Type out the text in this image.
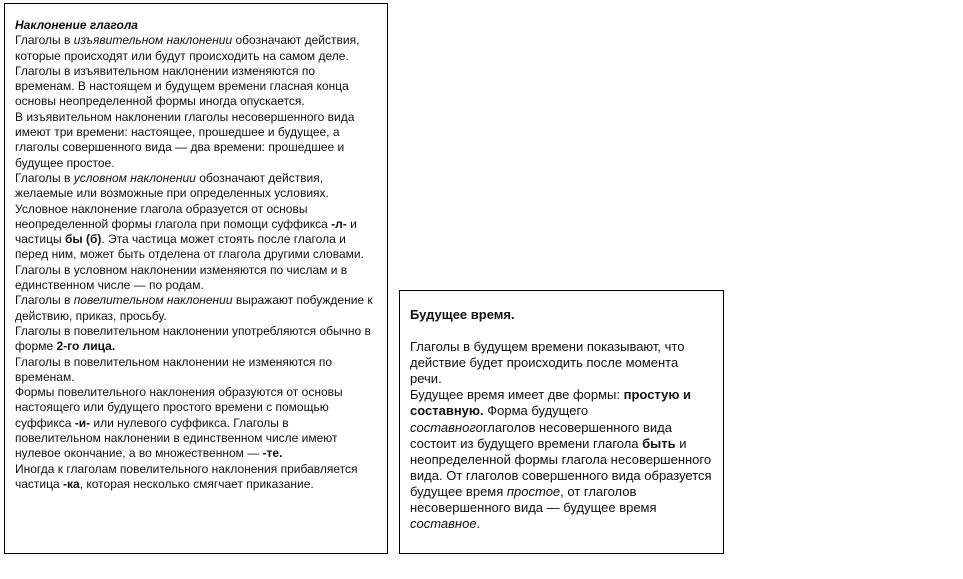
Наклонение глагола

Глаголы в изъявительном наклонении обозначают действия, которые происходят или будут происходить на самом деле.

Глаголы в изъявительном наклонении изменяются по временам. В настоящем и будущем времени гласная конца основы неопределенной формы иногда опускается.

В изъявительном наклонении глаголы несовершенного вида имеют три времени: настоящее, прошедшее и будущее, а глаголы совершенного вида — два времени: прошедшее и будущее простое.

Глаголы в условном наклонении обозначают действия, желаемые или возможные при определенных условиях.

Условное наклонение глагола образуется от основы неопределенной формы глагола при помощи суффикса -л- и частицы бы (б). Эта частица может стоять после глагола и перед ним, может быть отделена от глагола другими словами.

Глаголы в условном наклонении изменяются по числам и в единственном числе — по родам.

Глаголы в повелительном наклонении выражают побуждение к действию, приказ, просьбу.

Глаголы в повелительном наклонении употребляются обычно в форме 2-го лица.

Глаголы в повелительном наклонении не изменяются по временам.

Формы повелительного наклонения образуются от основы настоящего или будущего простого времени с помощью суффикса -и- или нулевого суффикса. Глаголы в повелительном наклонении в единственном числе имеют нулевое окончание, а во множественном — -те.

Иногда к глаголам повелительного наклонения прибавляется частица -ка, которая несколько смягчает приказание.

Будущее время.

Глаголы в будущем времени показывают, что действие будет происходить после момента речи.

Будущее время имеет две формы: простую и составную. Форма будущего составногоглаголов несовершенного вида состоит из будущего времени глагола быть и неопределенной формы глагола несовершенного вида. От глаголов совершенного вида образуется будущее время простое, от глаголов несовершенного вида — будущее время составное.
